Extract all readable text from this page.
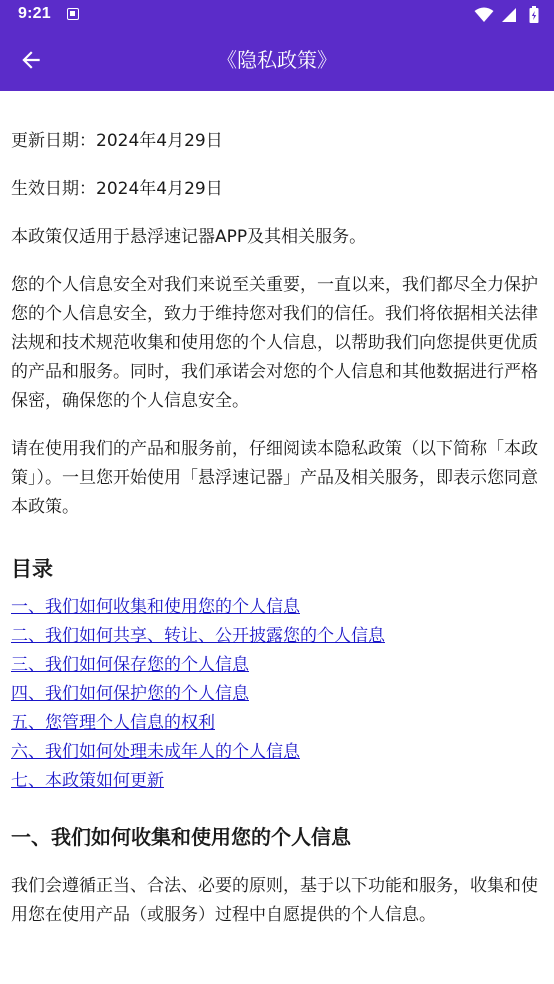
9:21

《隐私政策》

更新日期：2024年4月29日

生效日期：2024年4月29日

本政策仅适用于悬浮速记器APP及其相关服务。

您的个人信息安全对我们来说至关重要，一直以来，我们都尽全力保护您的个人信息安全，致力于维持您对我们的信任。我们将依据相关法律法规和技术规范收集和使用您的个人信息，以帮助我们向您提供更优质的产品和服务。同时，我们承诺会对您的个人信息和其他数据进行严格保密，确保您的个人信息安全。

请在使用我们的产品和服务前，仔细阅读本隐私政策（以下简称「本政策」）。一旦您开始使用「悬浮速记器」产品及相关服务，即表示您同意本政策。

目录
一、我们如何收集和使用您的个人信息
二、我们如何共享、转让、公开披露您的个人信息
三、我们如何保存您的个人信息
四、我们如何保护您的个人信息
五、您管理个人信息的权利
六、我们如何处理未成年人的个人信息
七、本政策如何更新
一、我们如何收集和使用您的个人信息

我们会遵循正当、合法、必要的原则，基于以下功能和服务，收集和使用您在使用产品（或服务）过程中自愿提供的个人信息。
